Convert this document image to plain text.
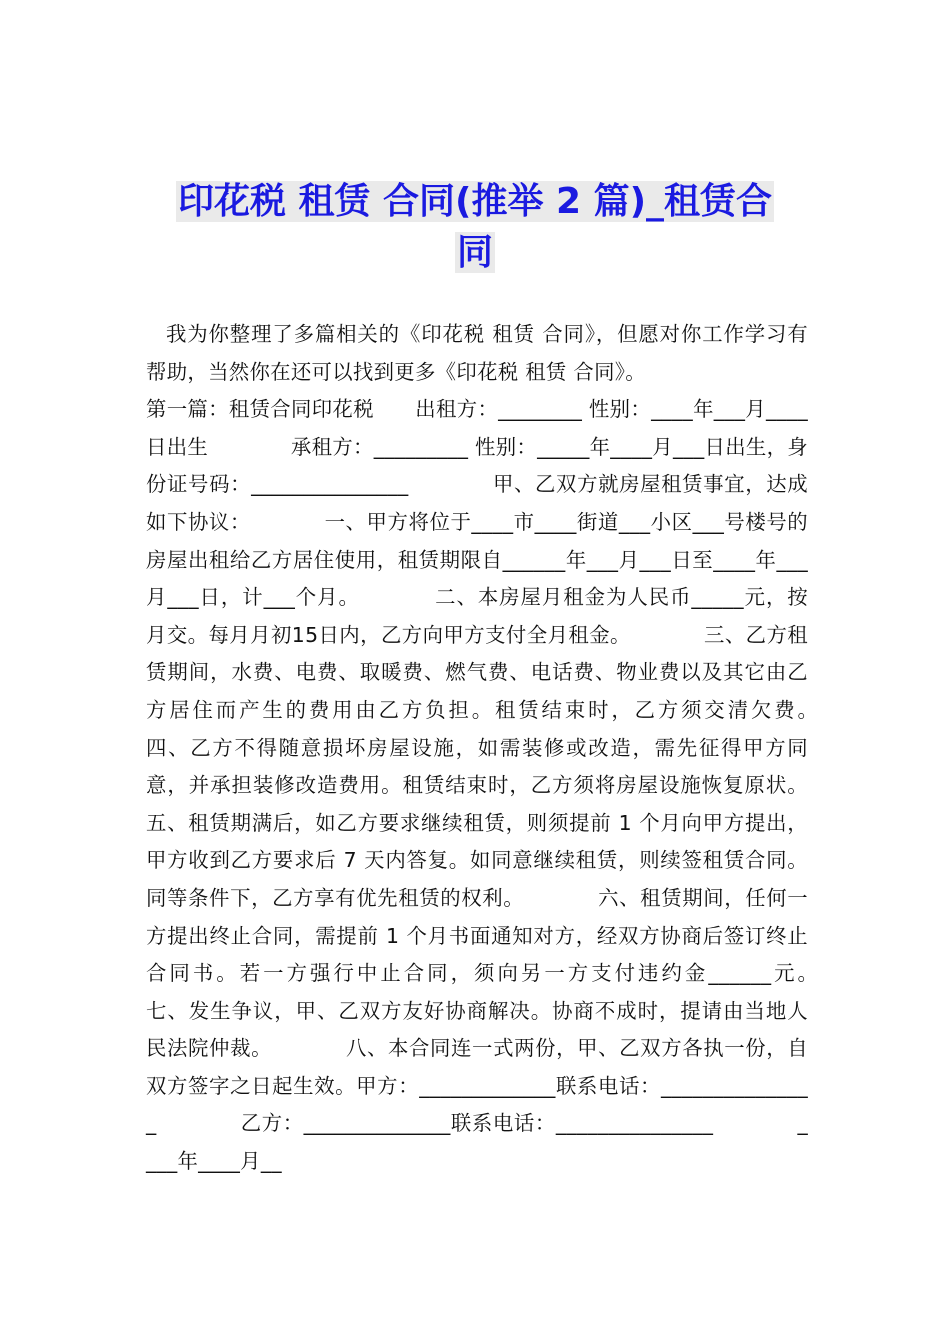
印花税 租赁 合同(推举 2 篇)_租赁合
同

我为你整理了多篇相关的《印花税 租赁 合同》，但愿对你工作学习有帮助，当然你在还可以找到更多《印花税 租赁 合同》。

第一篇：租赁合同印花税　　出租方：________ 性别：____年___月____日出生　　　　承租方：_________ 性别：_____年____月___日出生，身份证号码：_______________　　　　甲、乙双方就房屋租赁事宜，达成如下协议：　　　　一、甲方将位于____市____街道___小区___号楼号的房屋出租给乙方居住使用，租赁期限自______年___月___日至____年___月___日，计___个月。　　　　二、本房屋月租金为人民币_____元，按月交。每月月初15日内，乙方向甲方支付全月租金。　　　　三、乙方租赁期间，水费、电费、取暖费、燃气费、电话费、物业费以及其它由乙方居住而产生的费用由乙方负担。租赁结束时，乙方须交清欠费。　　　　四、乙方不得随意损坏房屋设施，如需装修或改造，需先征得甲方同意，并承担装修改造费用。租赁结束时，乙方须将房屋设施恢复原状。五、租赁期满后，如乙方要求继续租赁，则须提前 1 个月向甲方提出，甲方收到乙方要求后 7 天内答复。如同意继续租赁，则续签租赁合同。同等条件下，乙方享有优先租赁的权利。　　　　六、租赁期间，任何一方提出终止合同，需提前 1 个月书面通知对方，经双方协商后签订终止合同书。若一方强行中止合同，须向另一方支付违约金______元。　　　　七、发生争议，甲、乙双方友好协商解决。协商不成时，提请由当地人民法院仲裁。　　　　八、本合同连一式两份，甲、乙双方各执一份，自双方签字之日起生效。甲方：_____________联系电话：_______________　　　　乙方：______________联系电话：_______________　　　　____年____月__
